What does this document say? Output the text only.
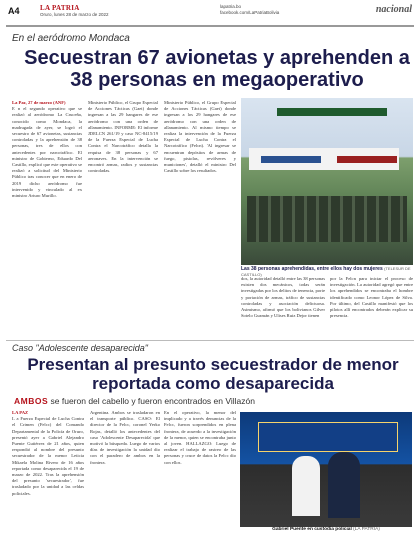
A4	LA PATRIA
Oruro, lunes 28 de marzo de 2022
lapatria.bo facebook.com/LaPatriaBolivia	nacional
En el aeródromo Mondaca
Secuestran 67 avionetas y aprehenden a 38 personas en megaoperativo
La Paz, 27 de marzo (ANF)
E n el segundo operativo que se realizó al aeródromo La Cruceña, conocido como Mondaca, la madrugada de ayer, se logró el secuestro de 67 avionetas, sustancias controladas y la aprehensión de 38 personas, tres de ellos con antecedentes por narcotráfico. El ministro de Gobierno, Eduardo Del Castillo, explicó que este operativo se realizó a solicitud del Ministerio Público tras conocer que en enero de 2019 dicho aeródromo fue intervenido y vinculado al ex ministro Arturo Murillo.
Ministerio Público, el Grupo Especial de Acciones Tácticas (Gaet) donde ingresan a las 29 hangares de ese aeródromo con una orden de allanamiento. INFORME: El informe JDELCN 261/19 y caso NC-8415/19 de la Fuerza Especial de Lucha Contra el Narcotráfico detalla la requisa de 38 personas y 67 aeronaves. En la intervención se encontró armas, radios y sustancias controladas.
Ministerio Público, el Grupo Especial de Acciones Tácticas (Gaet) donde ingresan a los 29 hangares de ese aeródromo con una orden de allanamiento. Al mismo tiempo se realiza la intervención de la Fuerza Especial de Lucha Contra el Narcotráfico (Felcn). 'Al ingresar se encuentran depósitos de armas de fuego, pistolas, revólveres y municiones', detalló el ministro Del Castillo sobre los resultados.
Las 38 personas aprehendidas, entre ellos hay dos mujeres (TELESUR DE CASTILLO)
dos, la autoridad detalló entre las 38 personas existen dos mecánicos, todas serán investigadas por los delitos de tenencia, porte y portación de armas, tráfico de sustancias controladas y asociación delictuosa. Asimismo, afirmó que los bolivianos Gilver Sotelo Guzmán y Ulises Ruiz Dejor tienen
por la Felcn para iniciar el proceso de investigación. La autoridad agregó que entre los aprehendidos se encontraba el hombre identificado como Leonor López de Silva. Por último, del Castillo manifestó que los pilotos allí encontrados deberán explicar su presencia.
Caso "Adolescente desaparecida"
Presentan al presunto secuestrador de menor reportada como desaparecida
AMBOS se fueron del cabello y fueron encontrados en Villazón
LA PAZ
L a Fuerza Especial de Lucha Contra el Crimen (Felcc) del Comando Departamental de la Policía de Oruro, presentó ayer a Gabriel Alejandro Puente Gutiérrez de 21 años, quien respondió al nombre del presunto secuestrador de la menor Leticia Mikaela Molina Rivero de 16 años reportada como desaparecida el 19 de marzo de 2022. Tras la aprehensión del presunto 'secuestrador', fue trasladado por la unidad a las celdas policiales.
Argentina. Ambos se trasladaron en el transporte público. CASO: El director de la Felcc, coronel Yerko Rojas, detalló los antecedentes del caso 'Adolescente Desaparecida' que motivó la búsqueda. Luego de varios días de investigación la unidad dio con el paradero de ambos en la frontera.
En el operativo, la menor del implicado y a través denuncias de la Felcc, fueron sorprendidos en plena frontera, de acuerdo a la investigación de la menor, quien se encontraba junto al joven. HALLAZGO: Luego de realizar el trabajo de rastreo de las personas y cruce de datos la Felcc dio con ellos.
Gabriel Puente en custodia policial (LA PATRIA)
